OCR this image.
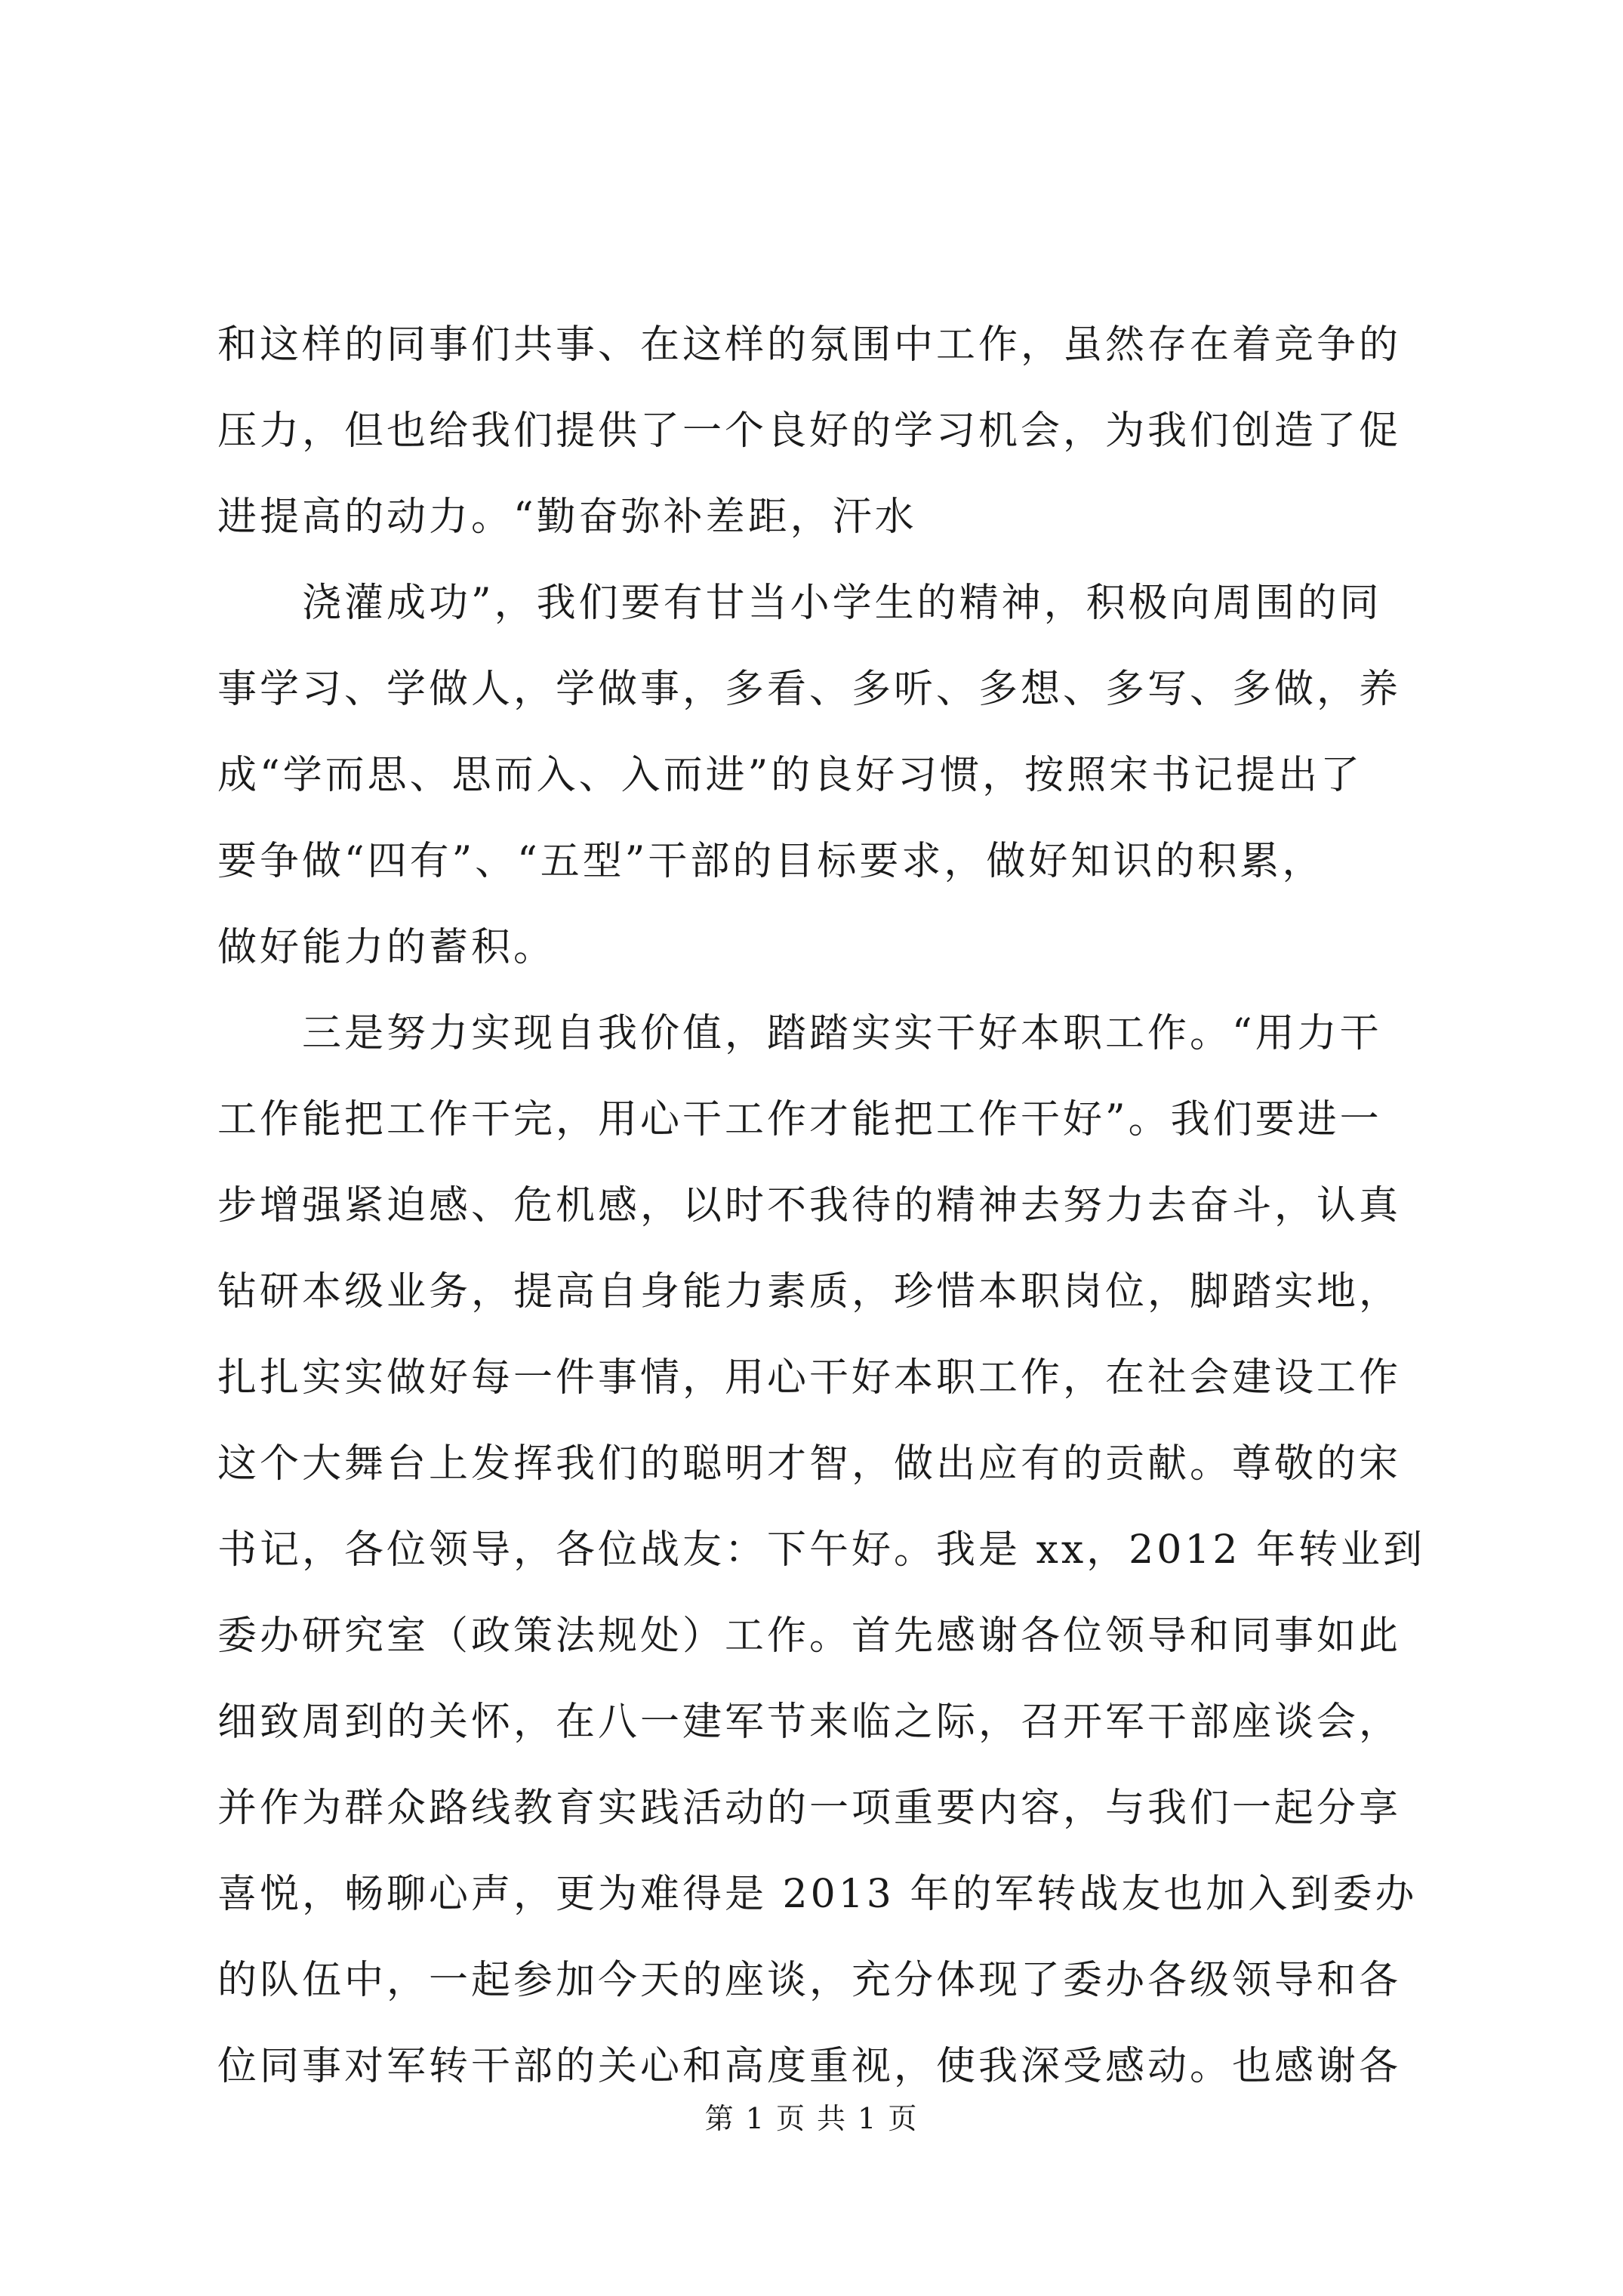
和这样的同事们共事、在这样的氛围中工作，虽然存在着竞争的
压力，但也给我们提供了一个良好的学习机会，为我们创造了促
进提高的动力。“勤奋弥补差距，汗水
浇灌成功”，我们要有甘当小学生的精神，积极向周围的同
事学习、学做人，学做事，多看、多听、多想、多写、多做，养
成“学而思、思而入、入而进”的良好习惯，按照宋书记提出了
要争做“四有”、“五型”干部的目标要求，做好知识的积累，
做好能力的蓄积。
三是努力实现自我价值，踏踏实实干好本职工作。“用力干
工作能把工作干完，用心干工作才能把工作干好”。我们要进一
步增强紧迫感、危机感，以时不我待的精神去努力去奋斗，认真
钻研本级业务，提高自身能力素质，珍惜本职岗位，脚踏实地，
扎扎实实做好每一件事情，用心干好本职工作，在社会建设工作
这个大舞台上发挥我们的聪明才智，做出应有的贡献。尊敬的宋
书记，各位领导，各位战友：下午好。我是 xx，2012 年转业到
委办研究室（政策法规处）工作。首先感谢各位领导和同事如此
细致周到的关怀，在八一建军节来临之际，召开军干部座谈会，
并作为群众路线教育实践活动的一项重要内容，与我们一起分享
喜悦，畅聊心声，更为难得是 2013 年的军转战友也加入到委办
的队伍中，一起参加今天的座谈，充分体现了委办各级领导和各
位同事对军转干部的关心和高度重视，使我深受感动。也感谢各
第 1 页 共 1 页
